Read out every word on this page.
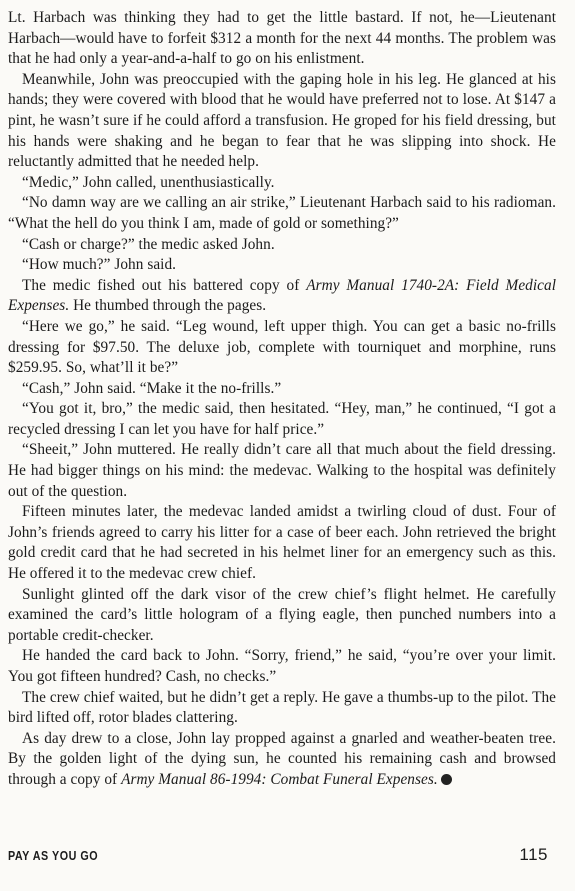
Lt. Harbach was thinking they had to get the little bastard. If not, he—Lieutenant Harbach—would have to forfeit $312 a month for the next 44 months. The problem was that he had only a year-and-a-half to go on his enlistment.

Meanwhile, John was preoccupied with the gaping hole in his leg. He glanced at his hands; they were covered with blood that he would have preferred not to lose. At $147 a pint, he wasn’t sure if he could afford a transfusion. He groped for his field dressing, but his hands were shaking and he began to fear that he was slipping into shock. He reluctantly admitted that he needed help.

“Medic,” John called, unenthusiastically.

“No damn way are we calling an air strike,” Lieutenant Harbach said to his radioman. “What the hell do you think I am, made of gold or something?”

“Cash or charge?” the medic asked John.

“How much?” John said.

The medic fished out his battered copy of Army Manual 1740-2A: Field Medical Expenses. He thumbed through the pages.

“Here we go,” he said. “Leg wound, left upper thigh. You can get a basic no-frills dressing for $97.50. The deluxe job, complete with tourniquet and morphine, runs $259.95. So, what’ll it be?”

“Cash,” John said. “Make it the no-frills.”

“You got it, bro,” the medic said, then hesitated. “Hey, man,” he continued, “I got a recycled dressing I can let you have for half price.”

“Sheeit,” John muttered. He really didn’t care all that much about the field dressing. He had bigger things on his mind: the medevac. Walking to the hospital was definitely out of the question.

Fifteen minutes later, the medevac landed amidst a twirling cloud of dust. Four of John’s friends agreed to carry his litter for a case of beer each. John retrieved the bright gold credit card that he had secreted in his helmet liner for an emergency such as this. He offered it to the medevac crew chief.

Sunlight glinted off the dark visor of the crew chief’s flight helmet. He carefully examined the card’s little hologram of a flying eagle, then punched numbers into a portable credit-checker.

He handed the card back to John. “Sorry, friend,” he said, “you’re over your limit. You got fifteen hundred? Cash, no checks.”

The crew chief waited, but he didn’t get a reply. He gave a thumbs-up to the pilot. The bird lifted off, rotor blades clattering.

As day drew to a close, John lay propped against a gnarled and weather-beaten tree. By the golden light of the dying sun, he counted his remaining cash and browsed through a copy of Army Manual 86-1994: Combat Funeral Expenses.

PAY AS YOU GO	115
